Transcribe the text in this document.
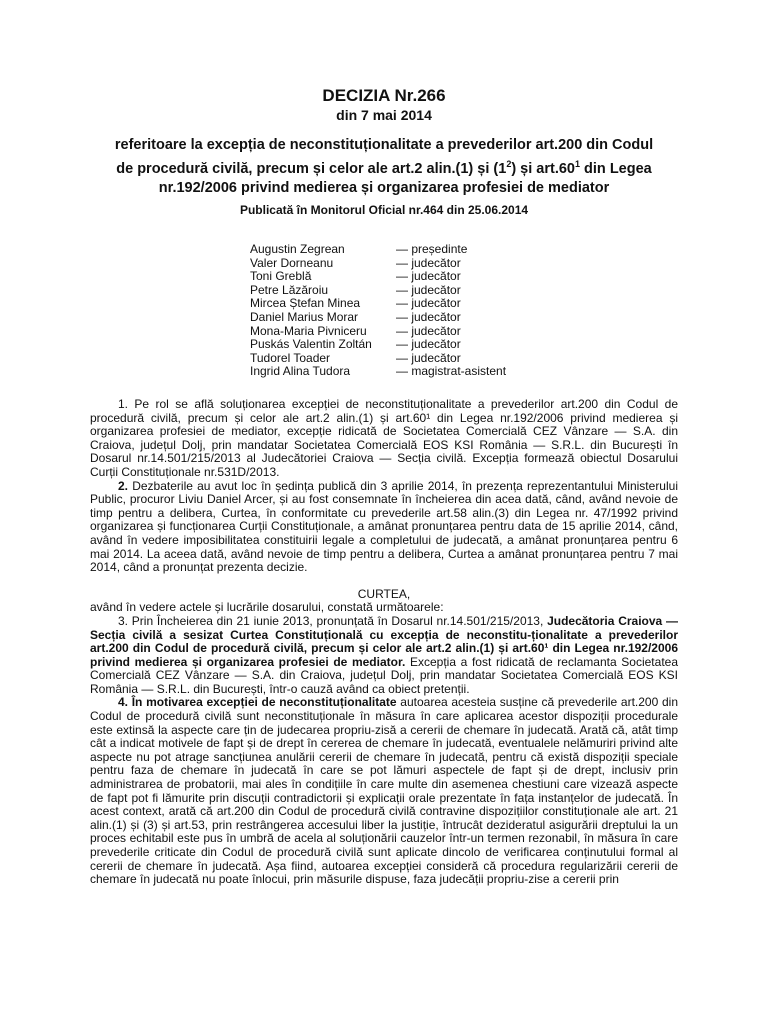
DECIZIA Nr.266
din 7 mai 2014
referitoare la excepția de neconstituționalitate a prevederilor art.200 din Codul
de procedură civilă, precum și celor ale art.2 alin.(1) și $(1^2)$ și $art.60^1$ din Legea
nr.192/2006 privind medierea și organizarea profesiei de mediator
Publicată în Monitorul Oficial nr.464 din 25.06.2014
Augustin Zegrean	— președinte
Valer Dorneanu	— judecător
Toni Greblă	— judecător
Petre Lăzăroiu	— judecător
Mircea Ștefan Minea	— judecător
Daniel Marius Morar	— judecător
Mona-Maria Pivniceru	— judecător
Puskás Valentin Zoltán	— judecător
Tudorel Toader	— judecător
Ingrid Alina Tudora	— magistrat-asistent

1. Pe rol se află soluționarea excepției de neconstituționalitate a prevederilor art.200 din Codul de procedură civilă, precum și celor ale art.2 alin.(1) și art.60¹ din Legea nr.192/2006 privind medierea și organizarea profesiei de mediator, excepție ridicată de Societatea Comercială CEZ Vânzare — S.A. din Craiova, județul Dolj, prin mandatar Societatea Comercială EOS KSI România — S.R.L. din București în Dosarul nr.14.501/215/2013 al Judecătoriei Craiova — Secția civilă. Excepția formează obiectul Dosarului Curții Constituționale nr.531D/2013.

2. Dezbaterile au avut loc în ședința publică din 3 aprilie 2014, în prezența reprezentantului Ministerului Public, procuror Liviu Daniel Arcer, și au fost consemnate în încheierea din acea dată, când, având nevoie de timp pentru a delibera, Curtea, în conformitate cu prevederile art.58 alin.(3) din Legea nr. 47/1992 privind organizarea și funcționarea Curții Constituționale, a amânat pronunțarea pentru data de 15 aprilie 2014, când, având în vedere imposibilitatea constituirii legale a completului de judecată, a amânat pronunțarea pentru 6 mai 2014. La aceea dată, având nevoie de timp pentru a delibera, Curtea a amânat pronunțarea pentru 7 mai 2014, când a pronunțat prezenta decizie.

CURTEA,

având în vedere actele și lucrările dosarului, constată următoarele:

3. Prin Încheierea din 21 iunie 2013, pronunțată în Dosarul nr.14.501/215/2013, Judecătoria Craiova — Secția civilă a sesizat Curtea Constituțională cu excepția de neconstitu-ționalitate a prevederilor art.200 din Codul de procedură civilă, precum și celor ale art.2 alin.(1) și art.60¹ din Legea nr.192/2006 privind medierea și organizarea profesiei de mediator. Excepția a fost ridicată de reclamanta Societatea Comercială CEZ Vânzare — S.A. din Craiova, județul Dolj, prin mandatar Societatea Comercială EOS KSI România — S.R.L. din București, într-o cauză având ca obiect pretenții.

4. În motivarea excepției de neconstituționalitate autoarea acesteia susține că prevederile art.200 din Codul de procedură civilă sunt neconstituționale în măsura în care aplicarea acestor dispoziții procedurale este extinsă la aspecte care țin de judecarea propriu-zisă a cererii de chemare în judecată. Arată că, atât timp cât a indicat motivele de fapt și de drept în cererea de chemare în judecată, eventualele nelămuriri privind alte aspecte nu pot atrage sancțiunea anulării cererii de chemare în judecată, pentru că există dispoziții speciale pentru faza de chemare în judecată în care se pot lămuri aspectele de fapt și de drept, inclusiv prin administrarea de probatorii, mai ales în condițiile în care multe din asemenea chestiuni care vizează aspecte de fapt pot fi lămurite prin discuții contradictorii și explicații orale prezentate în fața instanțelor de judecată. În acest context, arată că art.200 din Codul de procedură civilă contravine dispozițiilor constituționale ale art. 21 alin.(1) și (3) și art.53, prin restrângerea accesului liber la justiție, întrucât dezideratul asigurării dreptului la un proces echitabil este pus în umbră de acela al soluționării cauzelor într-un termen rezonabil, în măsura în care prevederile criticate din Codul de procedură civilă sunt aplicate dincolo de verificarea conținutului formal al cererii de chemare în judecată. Așa fiind, autoarea excepției consideră că procedura regularizării cererii de chemare în judecată nu poate înlocui, prin măsurile dispuse, faza judecății propriu-zise a cererii prin
